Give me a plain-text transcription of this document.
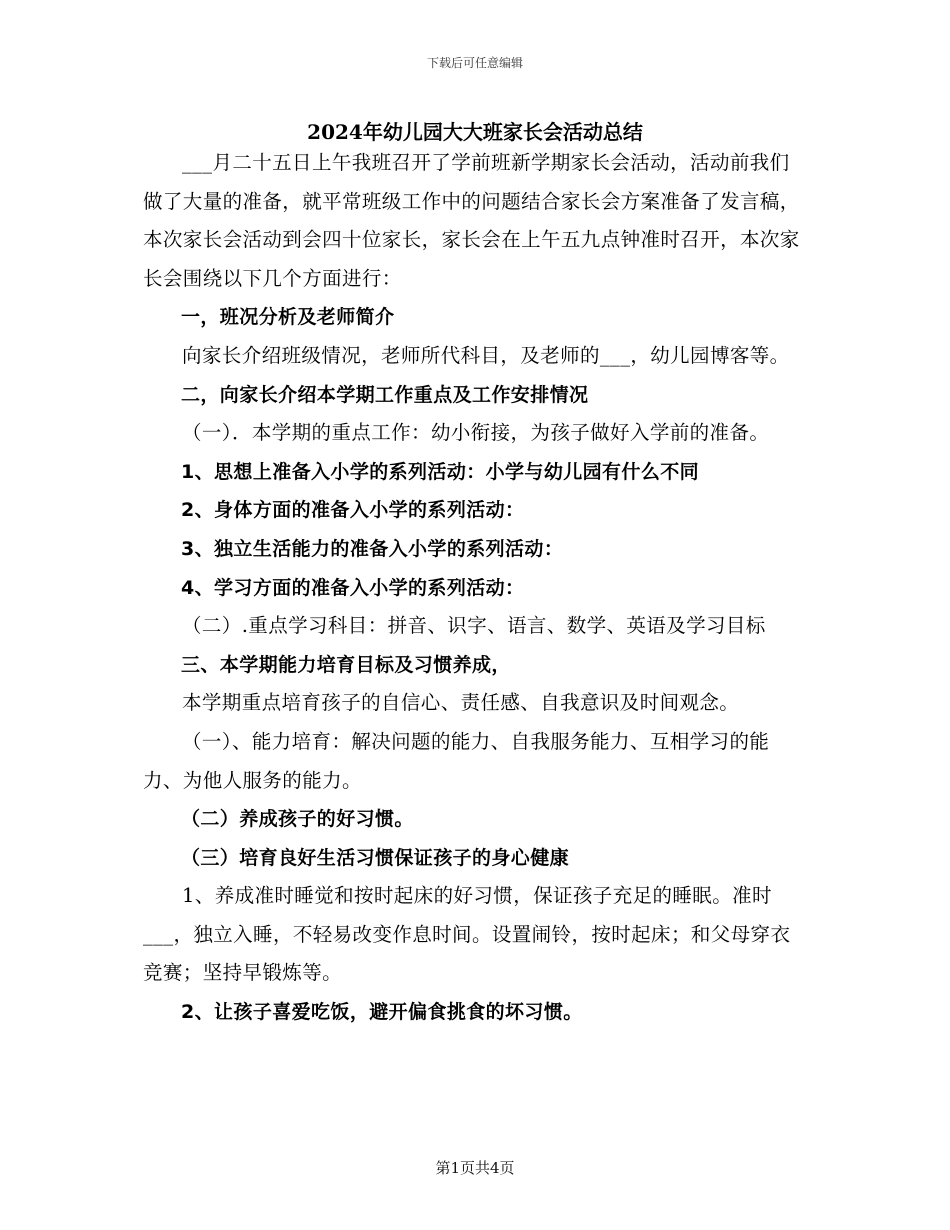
下载后可任意编辑
2024年幼儿园大大班家长会活动总结

___月二十五日上午我班召开了学前班新学期家长会活动，活动前我们做了大量的准备，就平常班级工作中的问题结合家长会方案准备了发言稿，本次家长会活动到会四十位家长，家长会在上午五九点钟准时召开，本次家长会围绕以下几个方面进行：

一，班况分析及老师简介

向家长介绍班级情况，老师所代科目，及老师的___，幼儿园博客等。

二，向家长介绍本学期工作重点及工作安排情况

（一）．本学期的重点工作：幼小衔接，为孩子做好入学前的准备。

1、思想上准备入小学的系列活动：小学与幼儿园有什么不同

2、身体方面的准备入小学的系列活动：

3、独立生活能力的准备入小学的系列活动：

4、学习方面的准备入小学的系列活动：

（二）.重点学习科目：拼音、识字、语言、数学、英语及学习目标

三、本学期能力培育目标及习惯养成，

本学期重点培育孩子的自信心、责任感、自我意识及时间观念。

（一）、能力培育：解决问题的能力、自我服务能力、互相学习的能力、为他人服务的能力。

（二）养成孩子的好习惯。

（三）培育良好生活习惯保证孩子的身心健康

1、养成准时睡觉和按时起床的好习惯，保证孩子充足的睡眠。准时___，独立入睡，不轻易改变作息时间。设置闹铃，按时起床；和父母穿衣竞赛；坚持早锻炼等。

2、让孩子喜爱吃饭，避开偏食挑食的坏习惯。

第1页共4页
